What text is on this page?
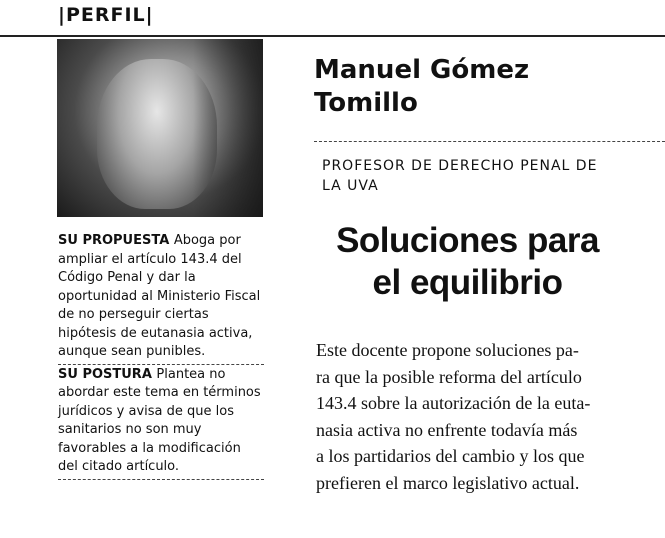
|PERFIL|
SU PROPUESTA Aboga por ampliar el artículo 143.4 del Código Penal y dar la oportunidad al Ministerio Fiscal de no perseguir ciertas hipótesis de eutanasia activa, aunque sean punibles.
SU POSTURA Plantea no abordar este tema en términos jurídicos y avisa de que los sanitarios no son muy favorables a la modificación del citado artículo.
Manuel Gómez
Tomillo
PROFESOR DE DERECHO PENAL DE
LA UVA
Soluciones para
el equilibrio
Este docente propone soluciones pa-
ra que la posible reforma del artículo
143.4 sobre la autorización de la euta-
nasia activa no enfrente todavía más
a los partidarios del cambio y los que
prefieren el marco legislativo actual.
